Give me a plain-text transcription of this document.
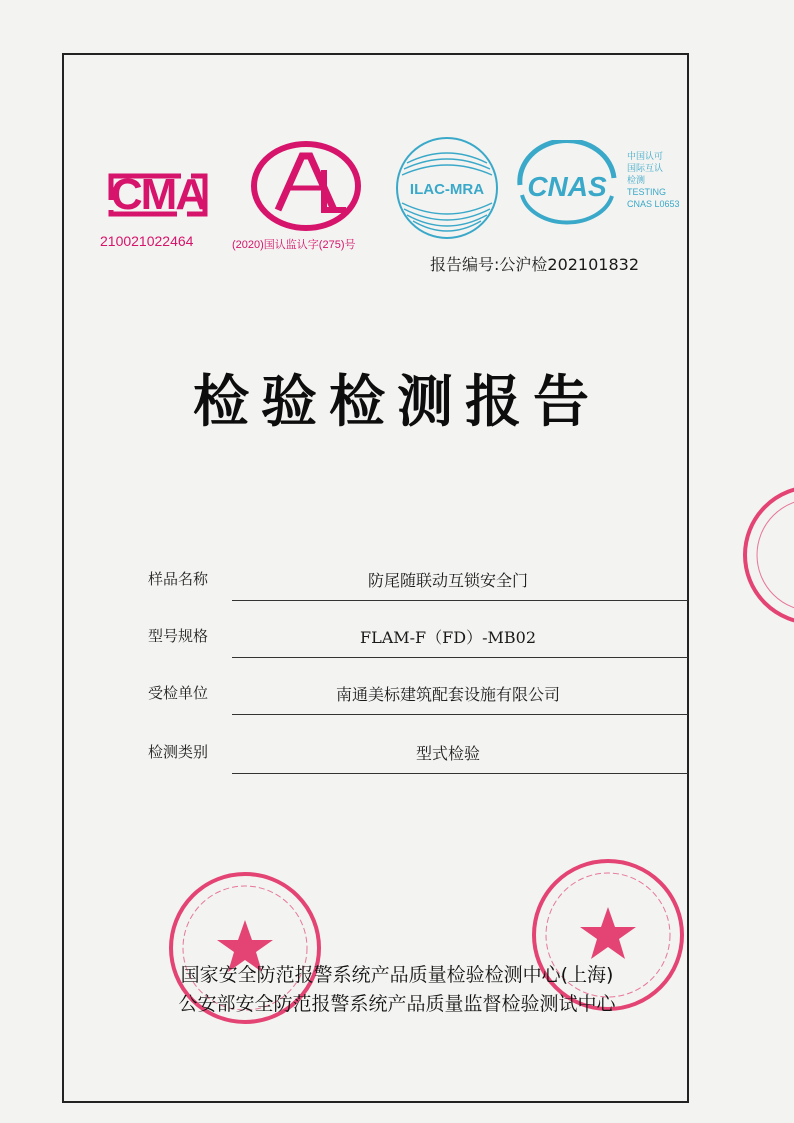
CMA
210021022464
CAL
(2020)国认监认字(275)号
ILAC-MRA CNAS
中国认可
国际互认
检测
TESTING
CNAS L0653
报告编号:公沪检202101832
检验检测报告
样品名称	防尾随联动互锁安全门
型号规格	FLAM-F（FD）-MB02
受检单位	南通美标建筑配套设施有限公司
检测类别	型式检验
国家安全防范报警系统产品质量检验检测中心(上海)
公安部安全防范报警系统产品质量监督检验测试中心
